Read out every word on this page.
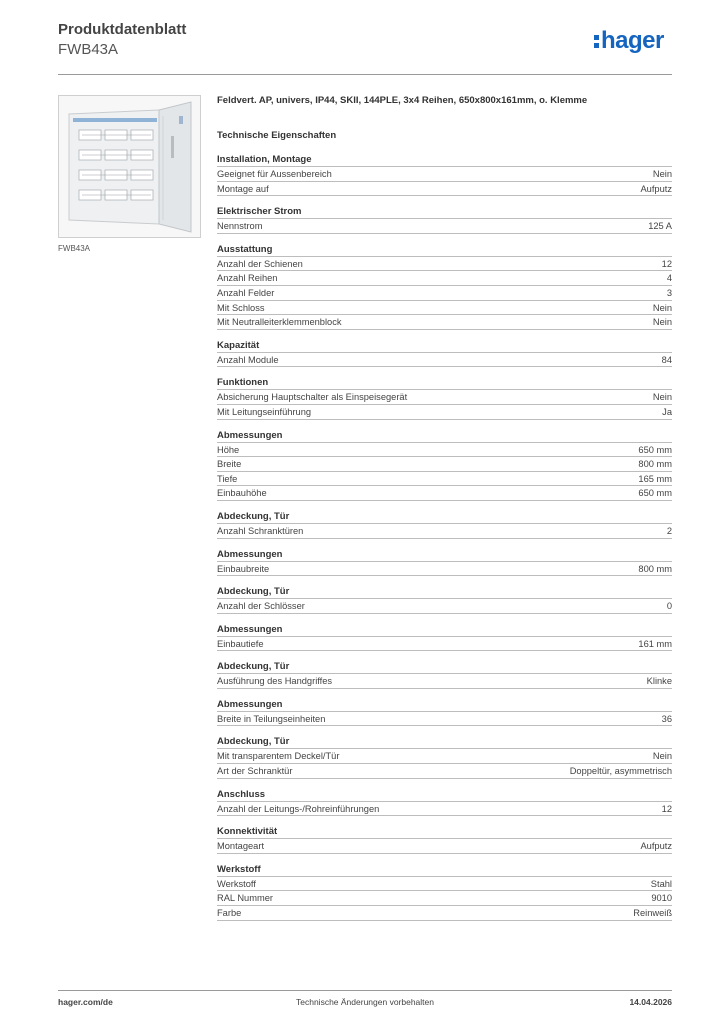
Produktdatenblatt
FWB43A	hager
FWB43A
Feldvert. AP, univers, IP44, SKII, 144PLE, 3x4 Reihen, 650x800x161mm, o. Klemme
Technische Eigenschaften
Installation, Montage
Geeignet für Aussenbereich	Nein
Montage auf	Aufputz
Elektrischer Strom
Nennstrom	125 A
Ausstattung
Anzahl der Schienen	12
Anzahl Reihen	4
Anzahl Felder	3
Mit Schloss	Nein
Mit Neutralleiterklemmenblock	Nein
Kapazität
Anzahl Module	84
Funktionen
Absicherung Hauptschalter als Einspeisegerät	Nein
Mit Leitungseinführung	Ja
Abmessungen
Höhe	650 mm
Breite	800 mm
Tiefe	165 mm
Einbauhöhe	650 mm
Abdeckung, Tür
Anzahl Schranktüren	2
Abmessungen
Einbaubreite	800 mm
Abdeckung, Tür
Anzahl der Schlösser	0
Abmessungen
Einbautiefe	161 mm
Abdeckung, Tür
Ausführung des Handgriffes	Klinke
Abmessungen
Breite in Teilungseinheiten	36
Abdeckung, Tür
Mit transparentem Deckel/Tür	Nein
Art der Schranktür	Doppeltür, asymmetrisch
Anschluss
Anzahl der Leitungs-/Rohreinführungen	12
Konnektivität
Montageart	Aufputz
Werkstoff
Werkstoff	Stahl
RAL Nummer	9010
Farbe	Reinweiß
hager.com/de	Technische Änderungen vorbehalten	14.04.2026
